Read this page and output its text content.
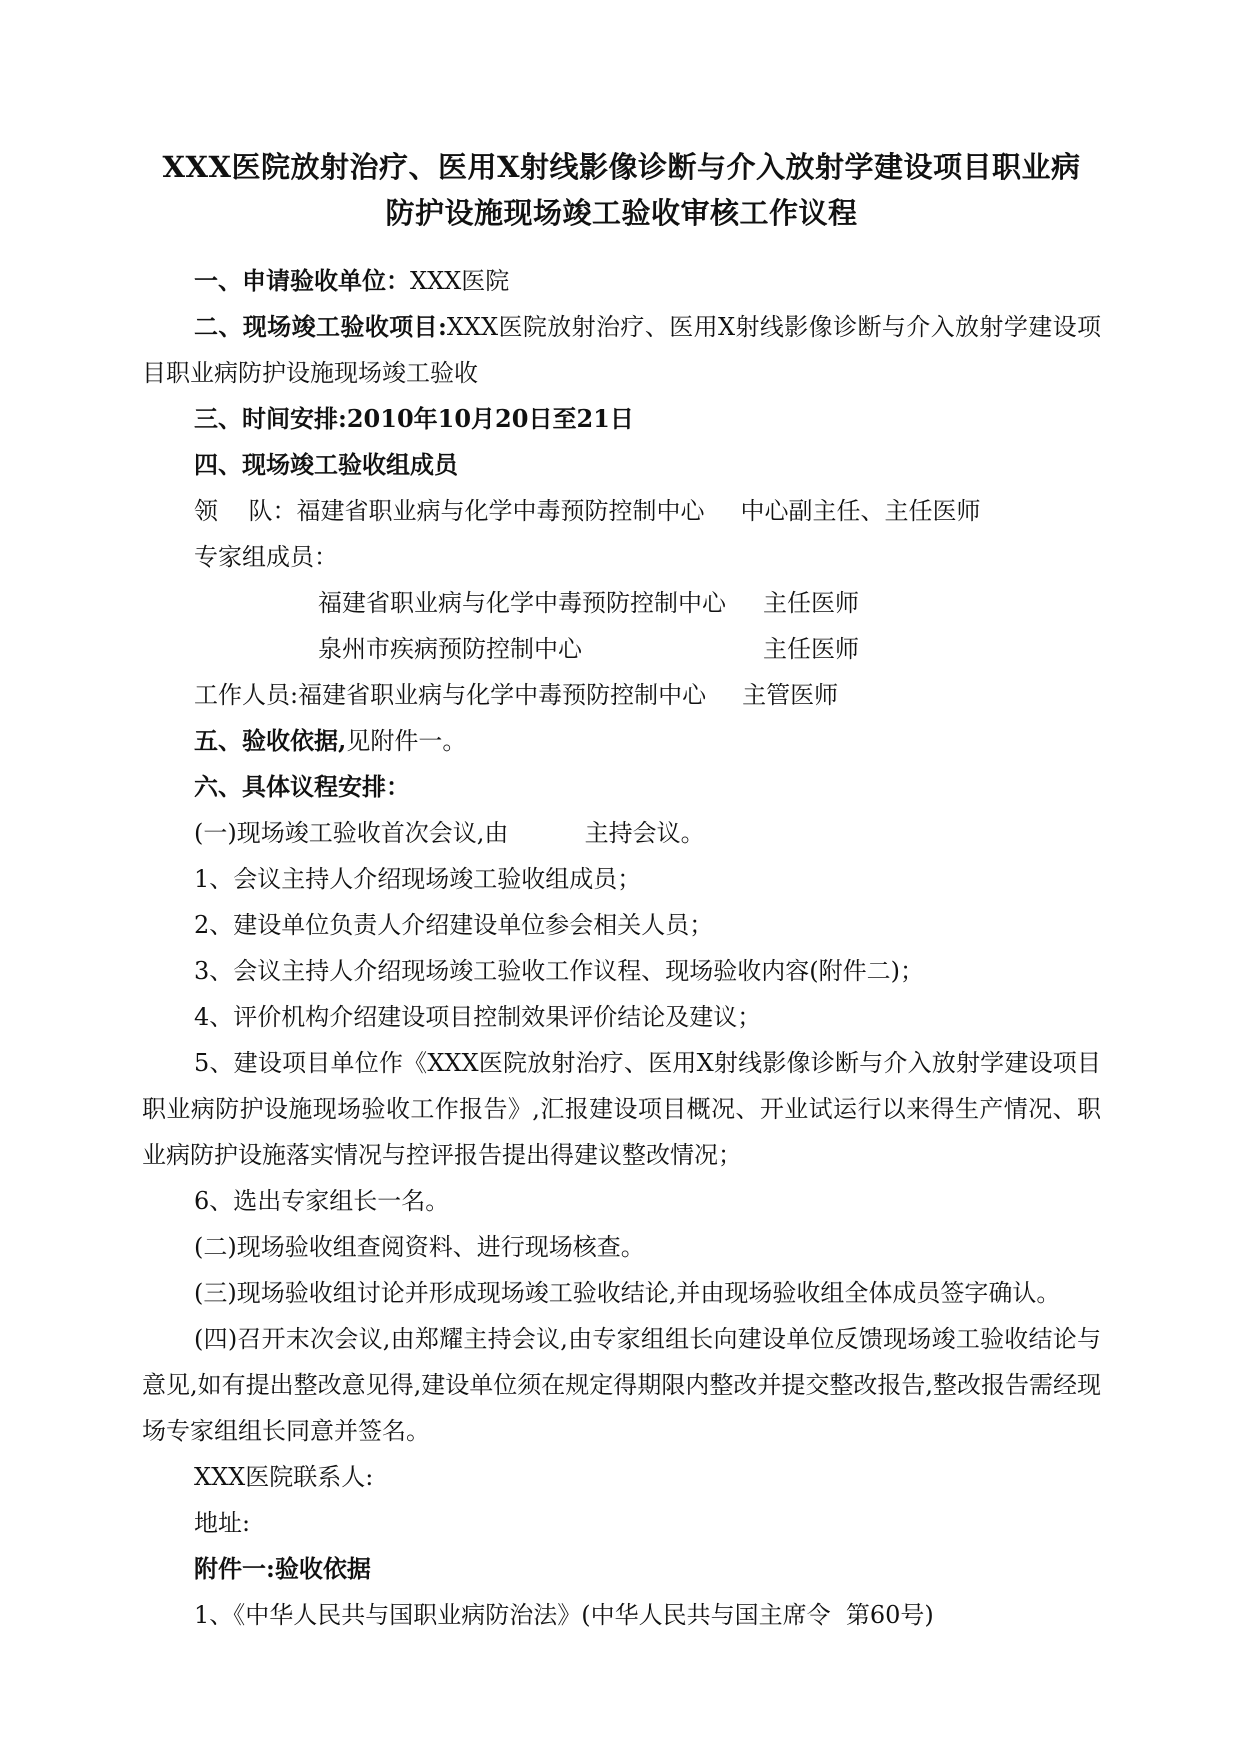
XXX医院放射治疗、医用X射线影像诊断与介入放射学建设项目职业病
防护设施现场竣工验收审核工作议程

一、申请验收单位：XXX医院

二、现场竣工验收项目:XXX医院放射治疗、医用X射线影像诊断与介入放射学建设项目职业病防护设施现场竣工验收

三、时间安排:2010年10月20日至21日

四、现场竣工验收组成员

领    队：福建省职业病与化学中毒预防控制中心 中心副主任、主任医师

专家组成员：

福建省职业病与化学中毒预防控制中心 主任医师

泉州市疾病预防控制中心	主任医师

工作人员:福建省职业病与化学中毒预防控制中心 主管医师

五、验收依据,见附件一。

六、具体议程安排：

(一)现场竣工验收首次会议,由          主持会议。

1、会议主持人介绍现场竣工验收组成员；

2、建设单位负责人介绍建设单位参会相关人员；

3、会议主持人介绍现场竣工验收工作议程、现场验收内容(附件二)；

4、评价机构介绍建设项目控制效果评价结论及建议；

5、建设项目单位作《XXX医院放射治疗、医用X射线影像诊断与介入放射学建设项目职业病防护设施现场验收工作报告》,汇报建设项目概况、开业试运行以来得生产情况、职业病防护设施落实情况与控评报告提出得建议整改情况；

6、选出专家组长一名。

(二)现场验收组查阅资料、进行现场核查。

(三)现场验收组讨论并形成现场竣工验收结论,并由现场验收组全体成员签字确认。

(四)召开末次会议,由郑耀主持会议,由专家组组长向建设单位反馈现场竣工验收结论与意见,如有提出整改意见得,建设单位须在规定得期限内整改并提交整改报告,整改报告需经现场专家组组长同意并签名。

XXX医院联系人:

地址:

附件一:验收依据

1、《中华人民共与国职业病防治法》(中华人民共与国主席令  第60号)
